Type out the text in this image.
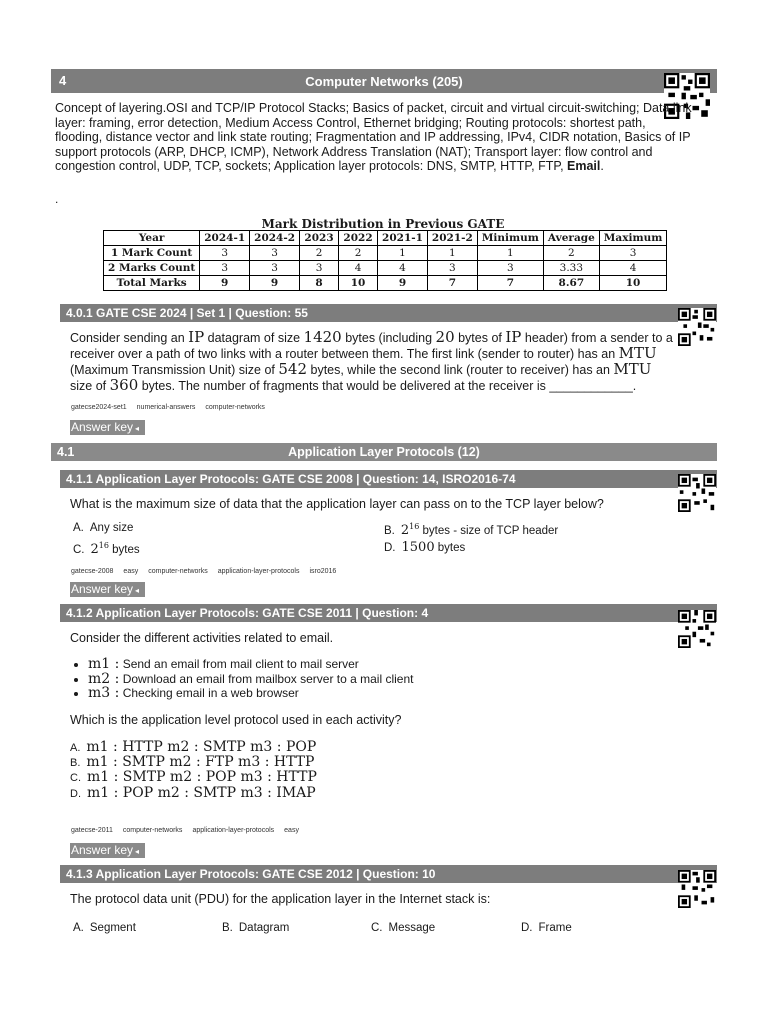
4	Computer Networks (205)
Concept of layering.OSI and TCP/IP Protocol Stacks; Basics of packet, circuit and virtual circuit-switching; Data link layer: framing, error detection, Medium Access Control, Ethernet bridging; Routing protocols: shortest path, flooding, distance vector and link state routing; Fragmentation and IP addressing, IPv4, CIDR notation, Basics of IP support protocols (ARP, DHCP, ICMP), Network Address Translation (NAT); Transport layer: flow control and congestion control, UDP, TCP, sockets; Application layer protocols: DNS, SMTP, HTTP, FTP, Email.
.
Mark Distribution in Previous GATE
Year	2024-1	2024-2	2023	2022	2021-1	2021-2	Minimum	Average	Maximum
1 Mark Count	3	3	2	2	1	1	1	2	3
2 Marks Count	3	3	3	4	4	3	3	3.33	4
Total Marks	9	9	8	10	9	7	7	8.67	10
4.0.1 GATE CSE 2024 | Set 1 | Question: 55
Consider sending an IP datagram of size 1420 bytes (including 20 bytes of IP header) from a sender to a receiver over a path of two links with a router between them. The first link (sender to router) has an MTU (Maximum Transmission Unit) size of 542 bytes, while the second link (router to receiver) has an MTU size of 360 bytes. The number of fragments that would be delivered at the receiver is ____________.
gatecse2024-set1 numerical-answers computer-networks
Answer key ◂
4.1	Application Layer Protocols (12)
4.1.1 Application Layer Protocols: GATE CSE 2008 | Question: 14, ISRO2016-74
What is the maximum size of data that the application layer can pass on to the TCP layer below?
A. Any size	B. $2^{16}$ bytes - size of TCP header
C. $2^{16}$ bytes	D. 1500 bytes
gatecse-2008 easy computer-networks application-layer-protocols isro2016
Answer key ◂
4.1.2 Application Layer Protocols: GATE CSE 2011 | Question: 4
Consider the different activities related to email.
• m1 : Send an email from mail client to mail server
• m2 : Download an email from mailbox server to a mail client
• m3 : Checking email in a web browser
Which is the application level protocol used in each activity?
A. m1 : HTTP m2 : SMTP m3 : POP
B. m1 : SMTP m2 : FTP m3 : HTTP
C. m1 : SMTP m2 : POP m3 : HTTP
D. m1 : POP m2 : SMTP m3 : IMAP
gatecse-2011 computer-networks application-layer-protocols easy
Answer key ◂
4.1.3 Application Layer Protocols: GATE CSE 2012 | Question: 10
The protocol data unit (PDU) for the application layer in the Internet stack is:
A. Segment	B. Datagram	C. Message	D. Frame
